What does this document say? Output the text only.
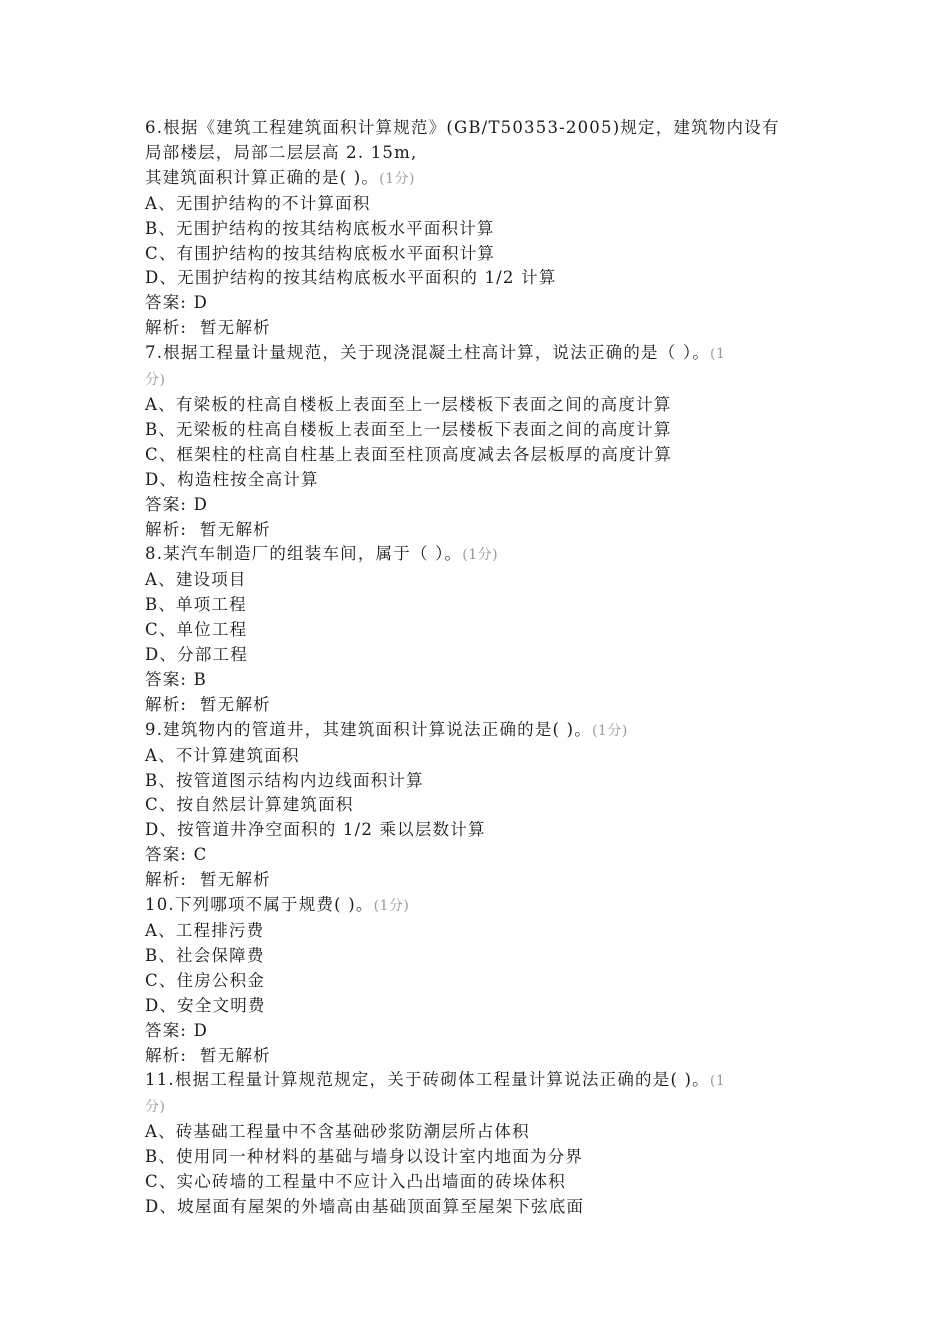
6.根据《建筑工程建筑面积计算规范》(GB/T50353-2005)规定，建筑物内设有
局部楼层，局部二层层高 2. 15m,
其建筑面积计算正确的是( )。(1分)
A、无围护结构的不计算面积
B、无围护结构的按其结构底板水平面积计算
C、有围护结构的按其结构底板水平面积计算
D、无围护结构的按其结构底板水平面积的 1/2 计算
答案: D
解析:  暂无解析
7.根据工程量计量规范，关于现浇混凝土柱高计算，说法正确的是（ ）。(1
分)
A、有梁板的柱高自楼板上表面至上一层楼板下表面之间的高度计算
B、无梁板的柱高自楼板上表面至上一层楼板下表面之间的高度计算
C、框架柱的柱高自柱基上表面至柱顶高度减去各层板厚的高度计算
D、构造柱按全高计算
答案: D
解析:  暂无解析
8.某汽车制造厂的组装车间，属于（ ）。(1分)
A、建设项目
B、单项工程
C、单位工程
D、分部工程
答案: B
解析:  暂无解析
9.建筑物内的管道井，其建筑面积计算说法正确的是( )。(1分)
A、不计算建筑面积
B、按管道图示结构内边线面积计算
C、按自然层计算建筑面积
D、按管道井净空面积的 1/2 乘以层数计算
答案: C
解析:  暂无解析
10.下列哪项不属于规费( )。(1分)
A、工程排污费
B、社会保障费
C、住房公积金
D、安全文明费
答案: D
解析:  暂无解析
11.根据工程量计算规范规定，关于砖砌体工程量计算说法正确的是( )。(1
分)
A、砖基础工程量中不含基础砂浆防潮层所占体积
B、使用同一种材料的基础与墙身以设计室内地面为分界
C、实心砖墙的工程量中不应计入凸出墙面的砖垛体积
D、坡屋面有屋架的外墙高由基础顶面算至屋架下弦底面
